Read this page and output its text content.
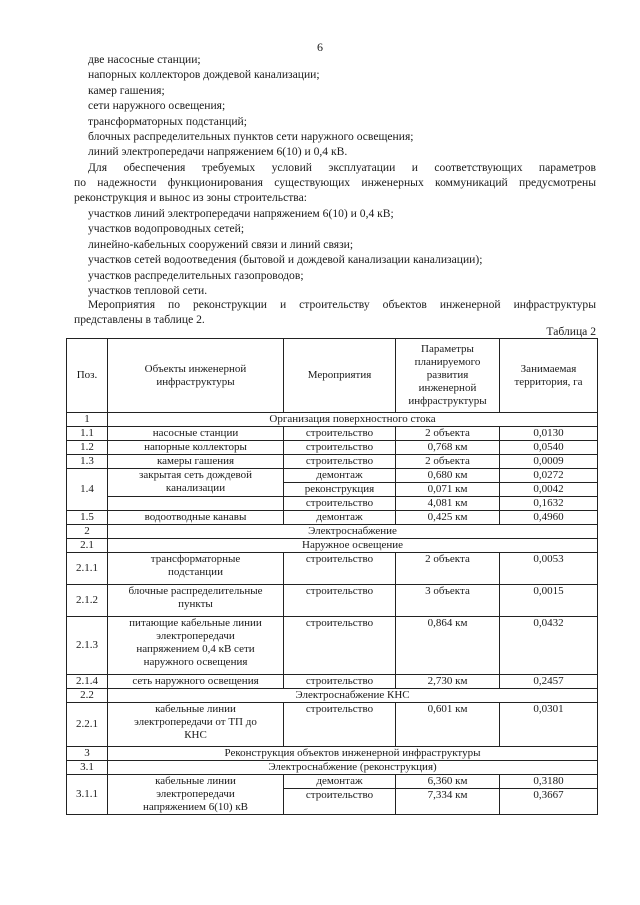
6
две насосные станции;
напорных коллекторов дождевой канализации;
камер гашения;
сети наружного освещения;
трансформаторных подстанций;
блочных распределительных пунктов сети наружного освещения;
линий электропередачи напряжением 6(10) и 0,4 кВ.
Для обеспечения требуемых условий эксплуатации и соответствующих параметров
по надежности функционирования существующих инженерных коммуникаций предусмотрены
реконструкция и вынос из зоны строительства:
участков линий электропередачи напряжением 6(10) и 0,4 кВ;
участков водопроводных сетей;
линейно-кабельных сооружений связи и линий связи;
участков сетей водоотведения (бытовой и дождевой канализации канализации);
участков распределительных газопроводов;
участков тепловой сети.
Мероприятия по реконструкции и строительству объектов инженерной инфраструктуры
представлены в таблице 2.
Таблица 2
Поз.	Объекты инженерной инфраструктуры	Мероприятия	Параметры планируемого развития инженерной инфраструктуры	Занимаемая территория, га
1	Организация поверхностного стока			
1.1	насосные станции	строительство	2 объекта	0,0130
1.2	напорные коллекторы	строительство	0,768 км	0,0540
1.3	камеры гашения	строительство	2 объекта	0,0009
1.4	закрытая сеть дождевой канализации	демонтаж	0,680 км	0,0272
		реконструкция	0,071 км	0,0042
		строительство	4,081 км	0,1632
1.5	водоотводные канавы	демонтаж	0,425 км	0,4960
2	Электроснабжение			
2.1	Наружное освещение			
2.1.1	трансформаторные подстанции	строительство	2 объекта	0,0053
2.1.2	блочные распределительные пункты	строительство	3 объекта	0,0015
2.1.3	питающие кабельные линии электропередачи напряжением 0,4 кВ сети наружного освещения	строительство	0,864 км	0,0432
2.1.4	сеть наружного освещения	строительство	2,730 км	0,2457
2.2	Электроснабжение КНС			
2.2.1	кабельные линии электропередачи от ТП до КНС	строительство	0,601 км	0,0301
3	Реконструкция объектов инженерной инфраструктуры			
3.1	Электроснабжение (реконструкция)			
3.1.1	кабельные линии электропередачи напряжением 6(10) кВ	демонтаж	6,360 км	0,3180
		строительство	7,334 км	0,3667
